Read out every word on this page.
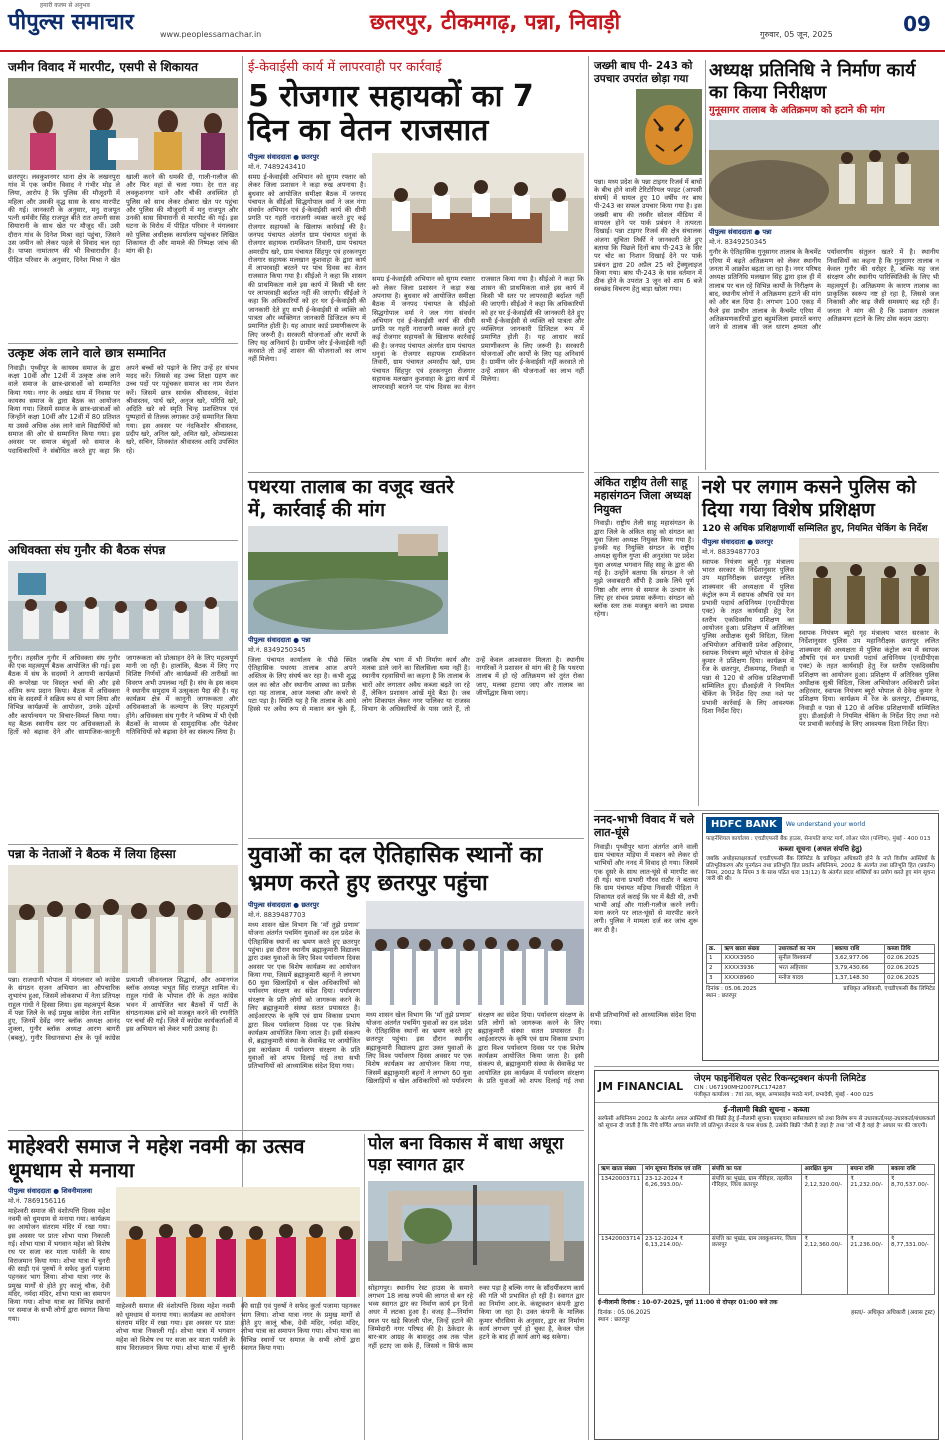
हमारी कलम से अनुभव
पीपुल्स समाचार	www.peoplessamachar.in
छतरपुर, टीकमगढ़, पन्ना, निवाड़ी
गुरुवार, 05 जून, 2025	09
जमीन विवाद में मारपीट, एसपी से शिकायत
छतरपुर। लवकुशनगर थाना क्षेत्र के लखनपुरा गांव में एक जमीन विवाद ने गंभीर मोड़ ले लिया, आरोप है कि पुलिस की मौजूदगी में महिला और उसकी वृद्ध सास के साथ मारपीट की गई। जानकारी के अनुसार, मनु राजपूत पत्नी धर्मवीर सिंह राजपूत बीते रात अपनी सास सियारानी के साथ खेत पर मौजूद थीं। उसी दौरान गांव के दिनेश मिश्रा वहां पहुंचा, जिसने उस जमीन को लेकर पहले से विवाद चल रहा है। पाप्सा नामांतरण की भी विचाराधीन है। पीड़ित परिवार के अनुसार, दिनेश मिश्रा ने खेत खाली करने की धमकी दी, गाली-गलौज की और फिर वहां से चला गया। देर रात वह लवकुशनगर थाने और चौकी अवस्थित हो पुलिस को साथ लेकर दोबारा खेत पर पहुंचा और पुलिस की मौजूदगी में मनु राजपूत और उनकी सास सियारानी से मारपीट की गई। इस घटना के विरोध में पीड़ित परिवार ने मंगलवार को पुलिस अधीक्षक कार्यालय पहुंचकर लिखित शिकायत दी और मामले की निष्पक्ष जांच की मांग की है।
उत्कृष्ट अंक लाने वाले छात्र सम्मानित
निवाड़ी। पृथ्वीपुर के कायस्थ समाज के द्वारा कक्षा 10वीं और 12वीं में उत्कृष्ट अंक लाने वाले समाज के छात्र-छात्राओं को सम्मानित किया गया। नगर के अखंड धाम में निवास पर कायस्थ समाज के द्वारा बैठक का आयोजन किया गया। जिसमें समाज के छात्र-छात्राओं को जिन्होंने कक्षा 10वीं और 12वीं में 80 प्रतिशत या उससे अधिक अंक लाने वाले विद्यार्थियों को समाज की ओर से सम्मानित किया गया। इस अवसर पर समाज बंधुओं को समाज के पदाधिकारियों ने संबोधित करते हुए कहा कि अपने बच्चों को पढ़ाने के लिए उन्हें हर संभव मदद करें। जिससे वह उच्च शिक्षा ग्रहण कर उच्च पदों पर पहुंचकर समाज का नाम रोशन करें। जिसमें छात्र सार्थक श्रीवास्तव, वेदांश श्रीवास्तव, पार्थ खरे, अनुज खरे, परिधि खरे, अदिति खरे को स्मृति चिन्ह प्रशस्तिपत्र एवं पुष्पहारों से तिलक लगाकर उन्हें सम्मानित किया गया। इस अवसर पर नंदकिशोर श्रीवास्तव, प्रदीप खरे, अनिल खरे, अमित खरे, ओमप्रकाश खरे, सचिन, शिवकांत श्रीवास्तव आदि उपस्थित रहे।
अधिवक्ता संघ गुनौर की बैठक संपन्न
गुनौर। तहसील गुनौर में अधिवक्ता संघ गुनौर की एक महत्वपूर्ण बैठक आयोजित की गई। इस बैठक में संघ के सदस्यों ने आगामी कार्यक्रमों की रूपरेखा पर विस्तृत चर्चा की और इसे अंतिम रूप प्रदान किया। बैठक में अधिवक्ता संघ के सदस्यों ने सक्रिय रूप से भाग लिया और विभिन्न कार्यक्रमों के आयोजन, उनके उद्देश्यों और कार्यान्वयन पर विचार-विमर्श किया गया। यह बैठक स्थानीय स्तर पर अधिवक्ताओं के हितों को बढ़ावा देने और सामाजिक-कानूनी जागरूकता को प्रोत्साहन देने के लिए महत्वपूर्ण मानी जा रही है। हालांकि, बैठक में लिए गए विशिष्ट निर्णयों और कार्यक्रमों की तारीखों का विवरण अभी उपलब्ध नहीं है। संघ के इस कदम ने स्थानीय समुदाय में उत्सुकता पैदा की है। यह कार्यक्रम क्षेत्र में कानूनी जागरूकता और अधिवक्ताओं के कल्याण के लिए महत्वपूर्ण होंगे। अधिवक्ता संघ गुनौर ने भविष्य में भी ऐसी बैठकों के माध्यम से सामुदायिक और पेशेवर गतिविधियों को बढ़ावा देने का संकल्प लिया है।
पन्ना के नेताओं ने बैठक में लिया हिस्सा
पन्ना। राजधानी भोपाल में मंगलवार को कांग्रेस के संगठन सृजन अभियान का औपचारिक शुभारंभ हुआ, जिसमें लोकसभा में नेता प्रतिपक्ष राहुल गांधी ने हिस्सा लिया। इस महत्वपूर्ण बैठक में पन्ना जिले के कई प्रमुख कांग्रेस नेता शामिल हुए, जिनमें देवेंद्र नगर ब्लॉक अध्यक्ष आनंद शुक्ला, गुनौर ब्लॉक अध्यक्ष आरण बागरी (बबलू), गुनौर विधानसभा क्षेत्र के पूर्व कांग्रेस प्रत्याशी जीवनलाल सिद्धार्थ, और अमानगंज ब्लॉक अध्यक्ष भभुत सिंह राजपूत शामिल थे। राहुल गांधी के भोपाल दौरे के तहत कांग्रेस भवन में आयोजित चार बैठकों में पार्टी के संगठनात्मक ढांचे को मजबूत करने की रणनीति पर चर्चा की गई। जिले में कांग्रेस कार्यकर्ताओं में इस अभियान को लेकर भारी उत्साह है।
ई-केवाईसी कार्य में लापरवाही पर कार्रवाई
5 रोजगार सहायकों का 7 दिन का वेतन राजसात
पीपुल्स संवाददाता ● छतरपुर
मो.नं. 7489243410
समग्र ई-केवाईसी अभियान को सुगम रफ्तार को लेकर जिला प्रशासन ने कड़ा रुख अपनाया है। बुधवार को आयोजित समीक्षा बैठक में जनपद पंचायत के सीईओ सिद्धगोपाल वर्मा ने जल गंगा संवर्धन अभियान एवं ई-केवाईसी कार्य की धीमी प्रगति पर गहरी नाराजगी व्यक्त करते हुए कई रोजगार सहायकों के खिलाफ कार्रवाई की है। जनपद पंचायत अंतर्गत ग्राम पंचायत धनुवां के रोजगार सहायक रामकिशन तिवारी, ग्राम पंचायत अमरदीप खरे, ग्राम पंचायत सिंहपुर एवं हरकनपुरा रोजगार सहायक मलखान कुशवाहा के द्वारा कार्य में लापरवाही बरतने पर पांच दिवस का वेतन राजसात किया गया है। सीईओ ने कहा कि शासन की प्राथमिकता वाले इस कार्य में किसी भी स्तर पर लापरवाही बर्दाश्त नहीं की जाएगी। सीईओ ने कहा कि अधिकारियों को हर घर ई-केवाईसी की जानकारी देते हुए सभी ई-केवाईसी से व्यक्ति को पात्रता और व्यक्तिगत जानकारी डिजिटल रूप में प्रमाणित होती है। यह आधार कार्ड प्रमाणीकरण के लिए जरूरी है। सरकारी योजनाओं और कार्यों के लिए यह अनिवार्य है। ग्रामीण जोर ई-केवाईसी नहीं करवाते तो उन्हें शासन की योजनाओं का लाभ नहीं मिलेगा।
समग्र ई-केवाईसी अभियान को सुगम रफ्तार को लेकर जिला प्रशासन ने कड़ा रुख अपनाया है। बुधवार को आयोजित समीक्षा बैठक में जनपद पंचायत के सीईओ सिद्धगोपाल वर्मा ने जल गंगा संवर्धन अभियान एवं ई-केवाईसी कार्य की धीमी प्रगति पर गहरी नाराजगी व्यक्त करते हुए कई रोजगार सहायकों के खिलाफ कार्रवाई की है। जनपद पंचायत अंतर्गत ग्राम पंचायत धनुवां के रोजगार सहायक रामकिशन तिवारी, ग्राम पंचायत अमरदीप खरे, ग्राम पंचायत सिंहपुर एवं हरकनपुरा रोजगार सहायक मलखान कुशवाहा के द्वारा कार्य में लापरवाही बरतने पर पांच दिवस का वेतन राजसात किया गया है। सीईओ ने कहा कि शासन की प्राथमिकता वाले इस कार्य में किसी भी स्तर पर लापरवाही बर्दाश्त नहीं की जाएगी। सीईओ ने कहा कि अधिकारियों को हर घर ई-केवाईसी की जानकारी देते हुए सभी ई-केवाईसी से व्यक्ति को पात्रता और व्यक्तिगत जानकारी डिजिटल रूप में प्रमाणित होती है। यह आधार कार्ड प्रमाणीकरण के लिए जरूरी है। सरकारी योजनाओं और कार्यों के लिए यह अनिवार्य है। ग्रामीण जोर ई-केवाईसी नहीं करवाते तो उन्हें शासन की योजनाओं का लाभ नहीं मिलेगा।
पथरया तालाब का वजूद खतरे में, कार्रवाई की मांग
पीपुल्स संवाददाता ● पन्ना
मो.नं. 8349250345
जिला पंचायत कार्यालय के पीछे स्थित ऐतिहासिक पथरया तालाब आज अपने अस्तित्व के लिए संघर्ष कर रहा है। कभी शुद्ध जल का स्रोत और स्थानीय आस्था का प्रतीक रहा यह तालाब, आज मलबा और कचरे से पटा पड़ा है। स्थिति यह है कि तालाब के आधे हिस्से पर अवैध रूप से मकान बन चुके हैं, जबकि शेष भाग में भी निर्माण कार्य और मलबा डाले जाने का सिलसिला थमा नहीं है। स्थानीय रहवासियों का कहना है कि तालाब के चारों ओर लगातार अवैध कब्जा बढ़ते जा रहे हैं, लेकिन प्रशासन आंखें मूंदे बैठा है। जब लोग शिकायत लेकर नगर पालिका या राजस्व विभाग के अधिकारियों के पास जाते हैं, तो उन्हें केवल आश्वासन मिलता है। स्थानीय नागरिकों ने प्रशासन से मांग की है कि पथरया तालाब में हो रहे अतिक्रमण को तुरंत रोका जाए, मलबा हटाया जाए और तालाब का जीर्णोद्धार किया जाए।
युवाओं का दल ऐतिहासिक स्थानों का भ्रमण करते हुए छतरपुर पहुंचा
पीपुल्स संवाददाता ● छतरपुर
मो.नं. 8839487703
मध्य शासन खेल विभाग कि ‘माँ तुझे प्रणाम’ योजना अंतर्गत पचमिंग युवाओं का दल प्रदेश के ऐतिहासिक स्थानों का भ्रमण करते हुए छतरपुर पहुंचा। इस दौरान स्थानीय ब्रह्माकुमारी विद्यालय द्वारा उक्त युवाओं के लिए विश्व पर्यावरण दिवस अवसर पर एक विशेष कार्यक्रम का आयोजन किया गया, जिसमें ब्रह्माकुमारी बहनों ने लगभग 60 युवा खिलाड़ियों व खेल अधिकारियों को पर्यावरण संरक्षण का संदेश दिया। पर्यावरण संरक्षण के प्रति लोगों को जागरूक करने के लिए ब्रह्माकुमारी संस्था सतत प्रयासरत है। आईआरएफ के कृषि एवं ग्राम विकास प्रभाग द्वारा विश्व पर्यावरण दिवस पर एक विशेष कार्यक्रम आयोजित किया जाता है। इसी संकल्प से, ब्रह्माकुमारी संस्था के सेवाकेंद्र पर आयोजित इस कार्यक्रम में पर्यावरण संरक्षण के प्रति युवाओं को शपथ दिलाई गई तथा सभी प्रतिभागियों को आध्यात्मिक संदेश दिया गया।
मध्य शासन खेल विभाग कि ‘माँ तुझे प्रणाम’ योजना अंतर्गत पचमिंग युवाओं का दल प्रदेश के ऐतिहासिक स्थानों का भ्रमण करते हुए छतरपुर पहुंचा। इस दौरान स्थानीय ब्रह्माकुमारी विद्यालय द्वारा उक्त युवाओं के लिए विश्व पर्यावरण दिवस अवसर पर एक विशेष कार्यक्रम का आयोजन किया गया, जिसमें ब्रह्माकुमारी बहनों ने लगभग 60 युवा खिलाड़ियों व खेल अधिकारियों को पर्यावरण संरक्षण का संदेश दिया। पर्यावरण संरक्षण के प्रति लोगों को जागरूक करने के लिए ब्रह्माकुमारी संस्था सतत प्रयासरत है। आईआरएफ के कृषि एवं ग्राम विकास प्रभाग द्वारा विश्व पर्यावरण दिवस पर एक विशेष कार्यक्रम आयोजित किया जाता है। इसी संकल्प से, ब्रह्माकुमारी संस्था के सेवाकेंद्र पर आयोजित इस कार्यक्रम में पर्यावरण संरक्षण के प्रति युवाओं को शपथ दिलाई गई तथा सभी प्रतिभागियों को आध्यात्मिक संदेश दिया गया।
माहेश्वरी समाज ने महेश नवमी का उत्सव धूमधाम से मनाया
पीपुल्स संवाददाता ● शिवनीमालवा
मो.नं. 7869156116
माहेश्वरी समाज की वंशोत्पत्ति दिवस महेश नवमी को धूमधाम से मनाया गया। कार्यक्रम का आयोजन संतराम मंदिर में रखा गया। इस अवसर पर प्रातः शोभा यात्रा निकाली गई। शोभा यात्रा में भगवान महेश को विशेष रथ पर सजा कर माता पार्वती के साथ विराजमान किया गया। शोभा यात्रा में चुनरी की साड़ी एवं पुरुषों ने सफेद कुर्ता पजामा पहनकर भाग लिया। शोभा यात्रा नगर के प्रमुख मार्गों से होते हुए कालूं चौक, देवी मंदिर, नर्मदा मंदिर, शोभा यात्रा का समापन किया गया। शोभा यात्रा का विभिन्न स्थानों पर समाज के सभी लोगों द्वारा स्वागत किया गया।
माहेश्वरी समाज की वंशोत्पत्ति दिवस महेश नवमी को धूमधाम से मनाया गया। कार्यक्रम का आयोजन संतराम मंदिर में रखा गया। इस अवसर पर प्रातः शोभा यात्रा निकाली गई। शोभा यात्रा में भगवान महेश को विशेष रथ पर सजा कर माता पार्वती के साथ विराजमान किया गया। शोभा यात्रा में चुनरी की साड़ी एवं पुरुषों ने सफेद कुर्ता पजामा पहनकर भाग लिया। शोभा यात्रा नगर के प्रमुख मार्गों से होते हुए कालूं चौक, देवी मंदिर, नर्मदा मंदिर, शोभा यात्रा का समापन किया गया। शोभा यात्रा का विभिन्न स्थानों पर समाज के सभी लोगों द्वारा स्वागत किया गया।
पोल बना विकास में बाधा अधूरा पड़ा स्वागत द्वार
सोहागपुर। स्थानीय रेस्ट हाउस के समाने लगभग 18 लाख रुपये की लागत से बन रहे भव्य स्वागत द्वार का निर्माण कार्य इन दिनों अधर में लटका हुआ है। वजह है—निर्माण स्थल पर खड़े बिजली पोल, जिन्हें हटाने की जिम्मेदारी नगर परिषद की है। ठेकेदार के बार-बार आग्रह के बावजूद अब तक पोल नहीं हटाए जा सके हैं, जिससे न सिर्फ काम रुका पड़ा है बल्कि नगर के सौंदर्यीकरण कार्य की गति भी प्रभावित हो रही है। स्वागत द्वार का निर्माण आर.के. कंस्ट्रक्शन कंपनी द्वारा किया जा रहा है। उक्त कंपनी के मालिक कुमार चौरसिया के अनुसार, द्वार का निर्माण कार्य लगभग पूर्ण हो चुका है, केवल पोल हटने के बाद ही कार्य आगे बढ़ सकेगा।
जख्मी बाघ पी- 243 को उपचार उपरांत छोड़ा गया
पन्ना। मध्य प्रदेश के पन्ना टाइगर रिजर्व में बाघों के बीच होने वाली टेरिटोरियल फाइट (आपसी संघर्ष) में घायल हुए 10 वर्षीय नर बाघ पी-243 का सफल उपचार किया गया है। इस जख्मी बाघ की तस्वीर सोशल मीडिया में वायरल होने पर पार्क प्रबंधन ने तत्परता दिखाई। पन्ना टाइगर रिजर्व की क्षेत्र संचालक अंजना सुचिता तिर्की ने जानकारी देते हुए बताया कि पिछले दिनों बाघ पी-243 के सिर पर चोट का निशान दिखाई देने पर पार्क प्रबंधन द्वारा 20 अप्रैल 25 को ट्रेंक्युलाइज किया गया। बाघ पी-243 के घाव वर्तमान में ठीक होने के उपरांत 3 जून को शाम 6 बजे स्वच्छंद विचरण हेतु बाड़ा खोला गया।
अध्यक्ष प्रतिनिधि ने निर्माण कार्य का किया निरीक्षण
गुनूसागर तालाब के अतिक्रमण को हटाने की मांग
पीपुल्स संवाददाता ● पन्ना
मो.नं. 8349250345
गुनौर के ऐतिहासिक गुनूसागर तालाब के कैचमेंट एरिया में बढ़ते अतिक्रमण को लेकर स्थानीय जनता में आक्रोश बढ़ता जा रहा है। नगर परिषद अध्यक्ष प्रतिनिधि मलखान सिंह द्वारा हाल ही में तालाब पर चल रहे विभिन्न कार्यों के निरीक्षण के बाद, स्थानीय लोगों ने अतिक्रमण हटाने की मांग को और बल दिया है। लगभग 100 एकड़ में फैले इस प्राचीन तालाब के कैचमेंट एरिया में अतिक्रमणकारियों द्वारा बहुमंजिला इमारतें बनाए जाने से तालाब की जल धारण क्षमता और पर्यावरणीय संतुलन खतरे में है। स्थानीय निवासियों का कहना है कि गुनूसागर तालाब न केवल गुनौर की धरोहर है, बल्कि यह जल संरक्षण और स्थानीय पारिस्थितिकी के लिए भी महत्वपूर्ण है। अतिक्रमण के कारण तालाब का प्राकृतिक स्वरूप नष्ट हो रहा है, जिससे जल निकासी और बाढ़ जैसी समस्याएं बढ़ रही हैं। जनता ने मांग की है कि प्रशासन तत्काल अतिक्रमण हटाने के लिए ठोस कदम उठाए।
अंकित राष्ट्रीय तेली साहू महासंगठन जिला अध्यक्ष नियुक्त
निवाड़ी। राष्ट्रीय तेली साहू महासंगठन के द्वारा जिले के अंकित साहू को संगठन का युवा जिला अध्यक्ष नियुक्त किया गया है। इनकी यह नियुक्ति संगठन के राष्ट्रीय अध्यक्ष सुनील गुप्ता की अनुशंसा पर प्रदेश युवा अध्यक्ष भगवान सिंह साहू के द्वारा की गई है। उन्होंने बताया कि संगठन ने जो मुझे जवाबदारी सौंपी है उसके लिये पूर्ण निष्ठा और लगन से समाज के उत्थान के लिए हर संभव प्रयास करूँगा। संगठन को ब्लॉक स्तर तक मजबूत बनाने का प्रयास रहेगा।
नशे पर लगाम कसने पुलिस को दिया गया विशेष प्रशिक्षण
120 से अधिक प्रशिक्षणार्थी सम्मिलित हुए, नियमित चेकिंग के निर्देश
पीपुल्स संवाददाता ● छतरपुर
मो.नं. 8839487703
स्वापक नियंत्रण ब्यूरो गृह मंत्रालय भारत सरकार के निर्देशानुसार पुलिस उप महानिरीक्षक छतरपुर ललित शाक्यवार की अध्यक्षता में पुलिस कंट्रोल रूम में स्वापक औषधि एवं मन प्रभावी पदार्थ अधिनियम (एनडीपीएस एक्ट) के तहत कार्यवाही हेतु रेंज स्तरीय एकदिवसीय प्रशिक्षण का आयोजन हुआ। प्रशिक्षण में अतिरिक्त पुलिस अधीक्षक सुश्री विदिता, जिला अभियोजन अधिकारी प्रवेश अहिरवार, स्वापक नियंत्रण ब्यूरो भोपाल से देवेन्द्र कुमार ने प्रशिक्षण दिया। कार्यक्रम में रेंज के छतरपुर, टीकमगढ़, निवाड़ी व पन्ना से 120 से अधिक प्रशिक्षणार्थी सम्मिलित हुए। डीआईजी ने नियमित चेकिंग के निर्देश दिए तथा नशे पर प्रभावी कार्रवाई के लिए आवश्यक दिशा निर्देश दिए।
स्वापक नियंत्रण ब्यूरो गृह मंत्रालय भारत सरकार के निर्देशानुसार पुलिस उप महानिरीक्षक छतरपुर ललित शाक्यवार की अध्यक्षता में पुलिस कंट्रोल रूम में स्वापक औषधि एवं मन प्रभावी पदार्थ अधिनियम (एनडीपीएस एक्ट) के तहत कार्यवाही हेतु रेंज स्तरीय एकदिवसीय प्रशिक्षण का आयोजन हुआ। प्रशिक्षण में अतिरिक्त पुलिस अधीक्षक सुश्री विदिता, जिला अभियोजन अधिकारी प्रवेश अहिरवार, स्वापक नियंत्रण ब्यूरो भोपाल से देवेन्द्र कुमार ने प्रशिक्षण दिया। कार्यक्रम में रेंज के छतरपुर, टीकमगढ़, निवाड़ी व पन्ना से 120 से अधिक प्रशिक्षणार्थी सम्मिलित हुए। डीआईजी ने नियमित चेकिंग के निर्देश दिए तथा नशे पर प्रभावी कार्रवाई के लिए आवश्यक दिशा निर्देश दिए।
ननद-भाभी विवाद में चले लात-घूंसे
निवाड़ी। पृथ्वीपुर थाना अंतर्गत आने वाली ग्राम पंचायत मड़िया में मकान को लेकर दो भाभियों और ननद में विवाद हो गया। जिसमें एक दूसरे के साथ लात-घूंसे से मारपीट कर दी गई। थाना प्रभारी गौरव राठौर ने बताया कि ग्राम पंचायत मड़िया निवासी पीड़िता ने शिकायत दर्ज कराई कि घर में बैठी थी, तभी भाभी आई और गाली-गलौज करने लगी। मना करने पर लात-घूंसों से मारपीट करने लगी। पुलिस ने मामला दर्ज कर जांच शुरू कर दी है।
HDFC BANK	We understand your world
फाइनेंशियल कार्यालय : एचडीएफसी बैंक हाउस, सेनापति बापट मार्ग, लोअर परेल (पश्चिम), मुंबई - 400 013
कब्जा सूचना (अचल संपत्ति हेतु)
जबकि अधोहस्ताक्षरकर्ता एचडीएफसी बैंक लिमिटेड के प्राधिकृत अधिकारी होने के नाते वित्तीय आस्तियों के प्रतिभूतिकरण और पुनर्गठन तथा प्रतिभूति हित प्रवर्तन अधिनियम, 2002 के अंतर्गत तथा प्रतिभूति हित (प्रवर्तन) नियम, 2002 के नियम 3 के साथ पठित धारा 13(12) के अंतर्गत प्रदत्त शक्तियों का प्रयोग करते हुए मांग सूचना जारी की थी।
क्र.	ऋण खाता संख्या	उधारकर्ता का नाम	बकाया राशि	कब्जा तिथि
1	XXXX3950	सुनील विश्वकर्मा	3,62,977.06	02.06.2025
2	XXXX3936	भरत अहिरवार	3,79,430.66	02.06.2025
3	XXXX8960	मनोज यादव	1,37,148.30	02.06.2025
दिनांक : 05.06.2025
स्थान : छतरपुर
प्राधिकृत अधिकारी, एचडीएफसी बैंक लिमिटेड
JM FINANCIAL
जेएम फाइनेंशियल एसेट रिकन्स्ट्रक्शन कंपनी लिमिटेड
CIN : U67190MH2007PLC174287
पंजीकृत कार्यालय : 7वां तल, क्यूब, अप्पासाहेब मराठे मार्ग, प्रभादेवी, मुंबई - 400 025
ई-नीलामी बिक्री सूचना - कब्जा
सरफेसी अधिनियम 2002 के अंतर्गत अचल आस्तियों की बिक्री हेतु ई-नीलामी सूचना। एतद्द्वारा सर्वसाधारण को तथा विशेष रूप से उधारकर्ता/सह-उधारकर्ता/बंधककर्ता को सूचना दी जाती है कि नीचे वर्णित अचल संपत्ति जो प्रतिभूत लेनदार के पास बंधक है, उसकी बिक्री 'जैसी है जहां है' तथा 'जो भी है वहां है' आधार पर की जाएगी।
ऋण खाता संख्या	मांग सूचना दिनांक एवं राशि	संपत्ति का पता	आरक्षित मूल्य	बयाना राशि	बकाया राशि
13420003711	23-12-2024 ₹ 6,26,393.00/-	संपत्ति का भूखंड, ग्राम गौरिहार, तहसील गौरिहार, जिला छतरपुर	₹ 2,12,320.00/-	₹ 21,232.00/-	₹ 8,70,537.00/-
13420003714	23-12-2024 ₹ 6,13,214.00/-	संपत्ति का भूखंड, ग्राम लवकुशनगर, जिला छतरपुर	₹ 2,12,360.00/-	₹ 21,236.00/-	₹ 8,77,331.00/-
ई-नीलामी दिनांक : 10-07-2025, पूर्वा 11:00 से दोपहर 01:00 बजे तक
दिनांक : 05.06.2025
स्थान : छतरपुर
हस्ता/- अधिकृत अधिकारी (अवास ट्रस्ट)
